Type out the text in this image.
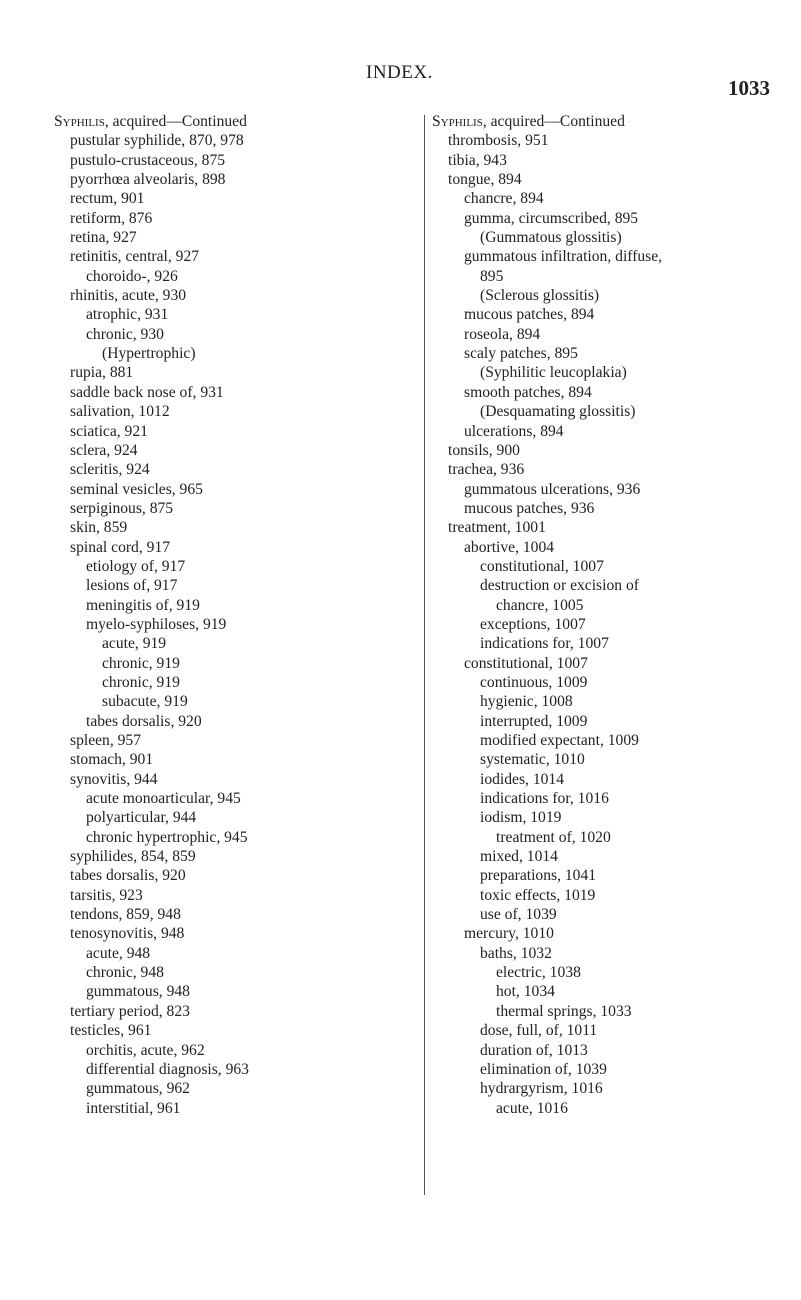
INDEX.
1033
Syphilis, acquired—Continued
pustular syphilide, 870, 978
pustulo-crustaceous, 875
pyorrhœa alveolaris, 898
rectum, 901
retiform, 876
retina, 927
retinitis, central, 927
choroido-, 926
rhinitis, acute, 930
atrophic, 931
chronic, 930
(Hypertrophic)
rupia, 881
saddle back nose of, 931
salivation, 1012
sciatica, 921
sclera, 924
scleritis, 924
seminal vesicles, 965
serpiginous, 875
skin, 859
spinal cord, 917
etiology of, 917
lesions of, 917
meningitis of, 919
myelo-syphiloses, 919
acute, 919
chronic, 919
chronic, 919
subacute, 919
tabes dorsalis, 920
spleen, 957
stomach, 901
synovitis, 944
acute monoarticular, 945
polyarticular, 944
chronic hypertrophic, 945
syphilides, 854, 859
tabes dorsalis, 920
tarsitis, 923
tendons, 859, 948
tenosynovitis, 948
acute, 948
chronic, 948
gummatous, 948
tertiary period, 823
testicles, 961
orchitis, acute, 962
differential diagnosis, 963
gummatous, 962
interstitial, 961
Syphilis, acquired—Continued
thrombosis, 951
tibia, 943
tongue, 894
chancre, 894
gumma, circumscribed, 895
(Gummatous glossitis)
gummatous infiltration, diffuse,
895
(Sclerous glossitis)
mucous patches, 894
roseola, 894
scaly patches, 895
(Syphilitic leucoplakia)
smooth patches, 894
(Desquamating glossitis)
ulcerations, 894
tonsils, 900
trachea, 936
gummatous ulcerations, 936
mucous patches, 936
treatment, 1001
abortive, 1004
constitutional, 1007
destruction or excision of
chancre, 1005
exceptions, 1007
indications for, 1007
constitutional, 1007
continuous, 1009
hygienic, 1008
interrupted, 1009
modified expectant, 1009
systematic, 1010
iodides, 1014
indications for, 1016
iodism, 1019
treatment of, 1020
mixed, 1014
preparations, 1041
toxic effects, 1019
use of, 1039
mercury, 1010
baths, 1032
electric, 1038
hot, 1034
thermal springs, 1033
dose, full, of, 1011
duration of, 1013
elimination of, 1039
hydrargyrism, 1016
acute, 1016
